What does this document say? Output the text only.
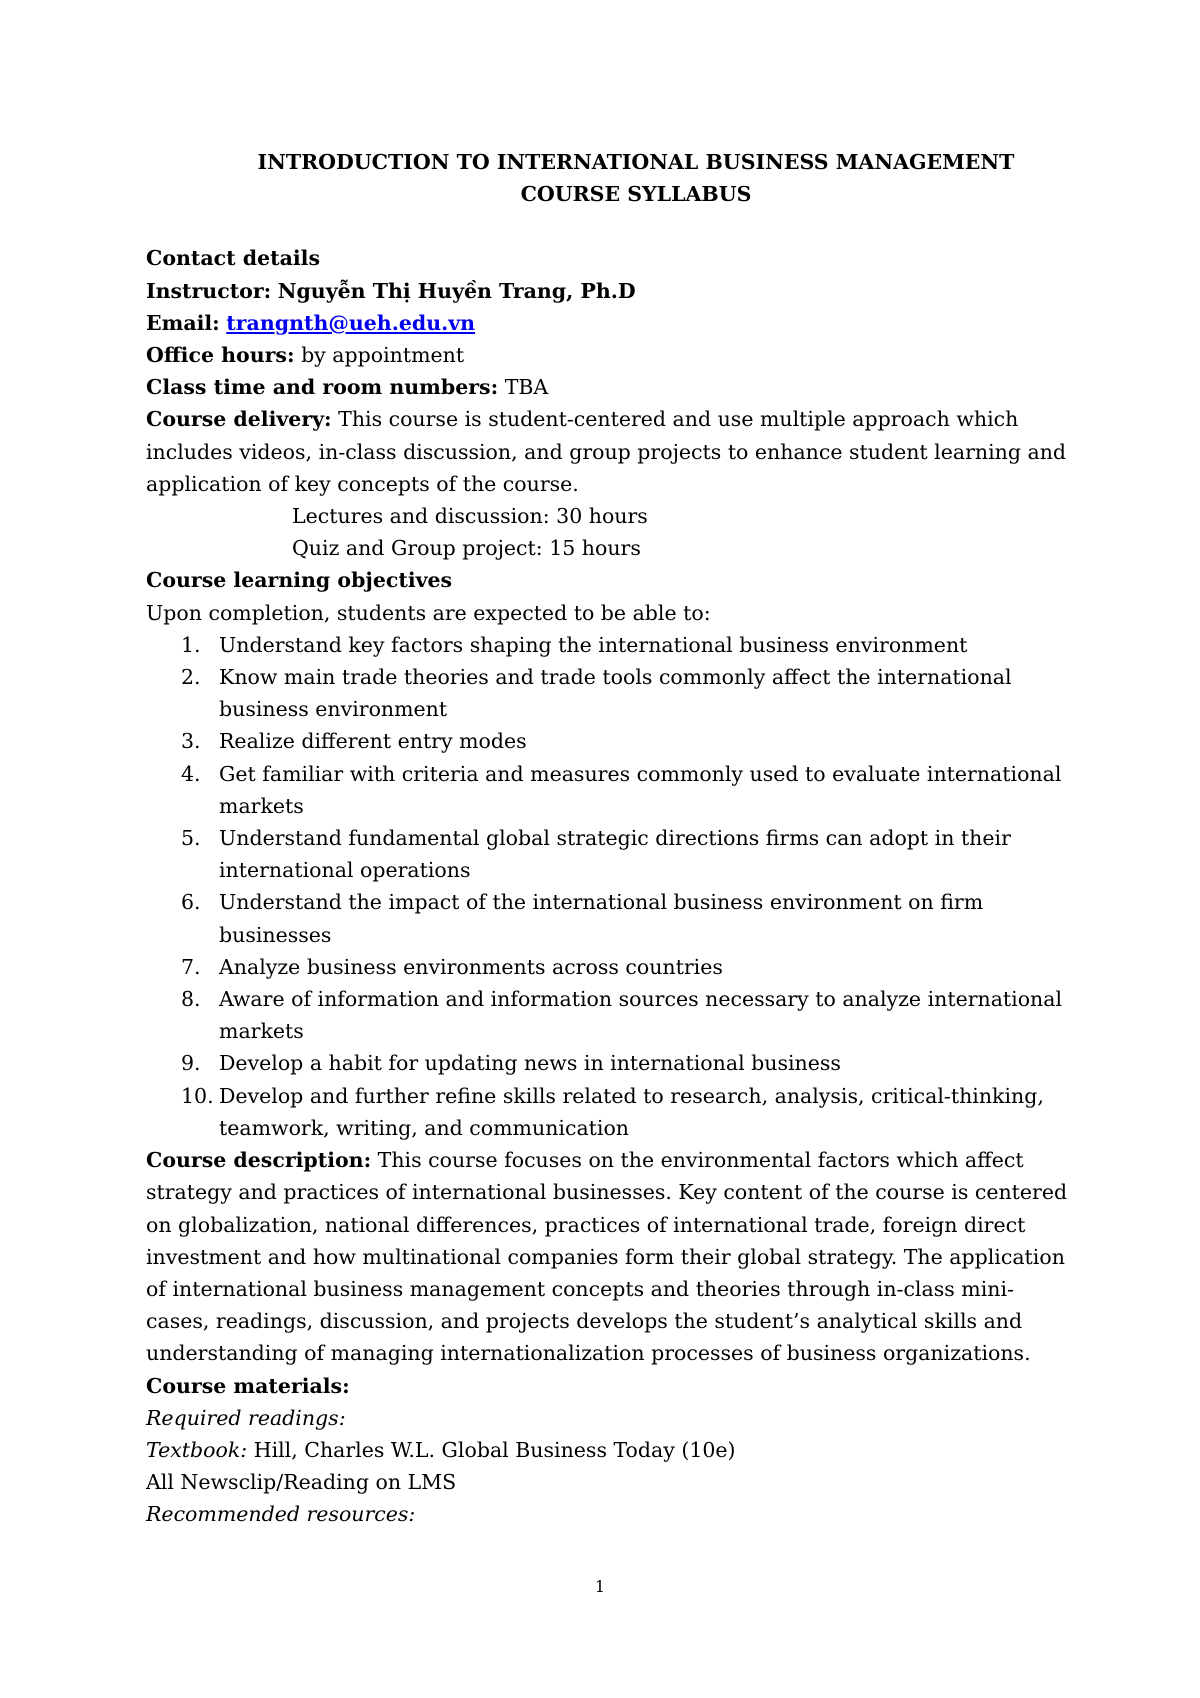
INTRODUCTION TO INTERNATIONAL BUSINESS MANAGEMENT

COURSE SYLLABUS

Contact details

Instructor: Nguyễn Thị Huyền Trang, Ph.D

Email: trangnth@ueh.edu.vn

Office hours: by appointment

Class time and room numbers: TBA

Course delivery: This course is student-centered and use multiple approach which includes videos, in-class discussion, and group projects to enhance student learning and application of key concepts of the course.

Lectures and discussion: 30 hours

Quiz and Group project: 15 hours

Course learning objectives

Upon completion, students are expected to be able to:

1. Understand key factors shaping the international business environment
2. Know main trade theories and trade tools commonly affect the international business environment
3. Realize different entry modes
4. Get familiar with criteria and measures commonly used to evaluate international markets
5. Understand fundamental global strategic directions firms can adopt in their international operations
6. Understand the impact of the international business environment on firm businesses
7. Analyze business environments across countries
8. Aware of information and information sources necessary to analyze international markets
9. Develop a habit for updating news in international business
10. Develop and further refine skills related to research, analysis, critical-thinking, teamwork, writing, and communication

Course description: This course focuses on the environmental factors which affect strategy and practices of international businesses. Key content of the course is centered on globalization, national differences, practices of international trade, foreign direct investment and how multinational companies form their global strategy. The application of international business management concepts and theories through in-class mini-cases, readings, discussion, and projects develops the student’s analytical skills and understanding of managing internationalization processes of business organizations.

Course materials:

Required readings:

Textbook: Hill, Charles W.L. Global Business Today (10e)

All Newsclip/Reading on LMS

Recommended resources:

1
